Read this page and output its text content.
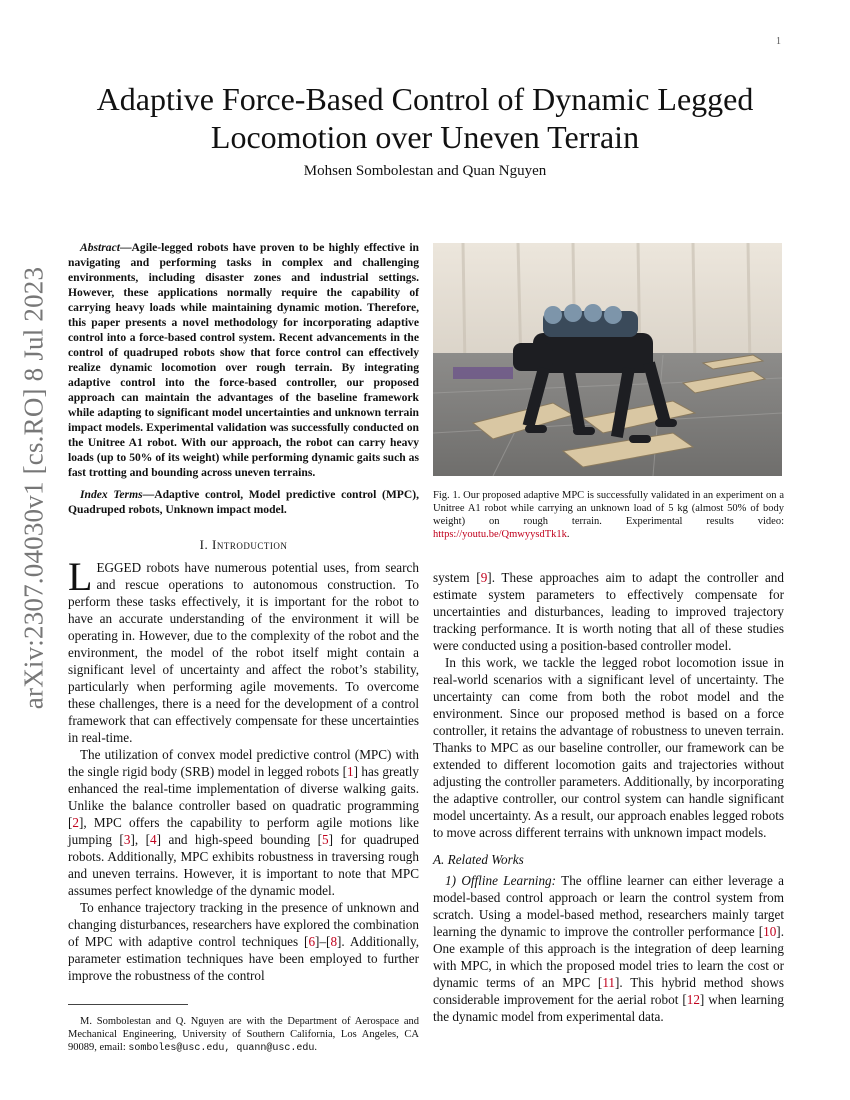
1
arXiv:2307.04030v1 [cs.RO] 8 Jul 2023
Adaptive Force-Based Control of Dynamic Legged Locomotion over Uneven Terrain
Mohsen Sombolestan and Quan Nguyen

Abstract—Agile-legged robots have proven to be highly effective in navigating and performing tasks in complex and challenging environments, including disaster zones and industrial settings. However, these applications normally require the capability of carrying heavy loads while maintaining dynamic motion. Therefore, this paper presents a novel methodology for incorporating adaptive control into a force-based control system. Recent advancements in the control of quadruped robots show that force control can effectively realize dynamic locomotion over rough terrain. By integrating adaptive control into the force-based controller, our proposed approach can maintain the advantages of the baseline framework while adapting to significant model uncertainties and unknown terrain impact models. Experimental validation was successfully conducted on the Unitree A1 robot. With our approach, the robot can carry heavy loads (up to 50% of its weight) while performing dynamic gaits such as fast trotting and bounding across uneven terrains.

Index Terms—Adaptive control, Model predictive control (MPC), Quadruped robots, Unknown impact model.

I. Introduction

LEGGED robots have numerous potential uses, from search and rescue operations to autonomous construction. To perform these tasks effectively, it is important for the robot to have an accurate understanding of the environment it will be operating in. However, due to the complexity of the robot and the environment, the model of the robot itself might contain a significant level of uncertainty and affect the robot’s stability, particularly when performing agile movements. To overcome these challenges, there is a need for the development of a control framework that can effectively compensate for these uncertainties in real-time.

The utilization of convex model predictive control (MPC) with the single rigid body (SRB) model in legged robots [1] has greatly enhanced the real-time implementation of diverse walking gaits. Unlike the balance controller based on quadratic programming [2], MPC offers the capability to perform agile motions like jumping [3], [4] and high-speed bounding [5] for quadruped robots. Additionally, MPC exhibits robustness in traversing rough and uneven terrains. However, it is important to note that MPC assumes perfect knowledge of the dynamic model.

To enhance trajectory tracking in the presence of unknown and changing disturbances, researchers have explored the combination of MPC with adaptive control techniques [6]–[8]. Additionally, parameter estimation techniques have been employed to further improve the robustness of the control

M. Sombolestan and Q. Nguyen are with the Department of Aerospace and Mechanical Engineering, University of Southern California, Los Angeles, CA 90089, email: somboles@usc.edu, quann@usc.edu.

Fig. 1. Our proposed adaptive MPC is successfully validated in an experiment on a Unitree A1 robot while carrying an unknown load of 5 kg (almost 50% of body weight) on rough terrain. Experimental results video: https://youtu.be/QmwyysdTk1k.

system [9]. These approaches aim to adapt the controller and estimate system parameters to effectively compensate for uncertainties and disturbances, leading to improved trajectory tracking performance. It is worth noting that all of these studies were conducted using a position-based controller model.

In this work, we tackle the legged robot locomotion issue in real-world scenarios with a significant level of uncertainty. The uncertainty can come from both the robot model and the environment. Since our proposed method is based on a force controller, it retains the advantage of robustness to uneven terrain. Thanks to MPC as our baseline controller, our framework can be extended to different locomotion gaits and trajectories without adjusting the controller parameters. Additionally, by incorporating the adaptive controller, our control system can handle significant model uncertainty. As a result, our approach enables legged robots to move across different terrains with unknown impact models.

A. Related Works

1) Offline Learning: The offline learner can either leverage a model-based control approach or learn the control system from scratch. Using a model-based method, researchers mainly target learning the dynamic to improve the controller performance [10]. One example of this approach is the integration of deep learning with MPC, in which the proposed model tries to learn the cost or dynamic terms of an MPC [11]. This hybrid method shows considerable improvement for the aerial robot [12] when learning the dynamic model from experimental data.
